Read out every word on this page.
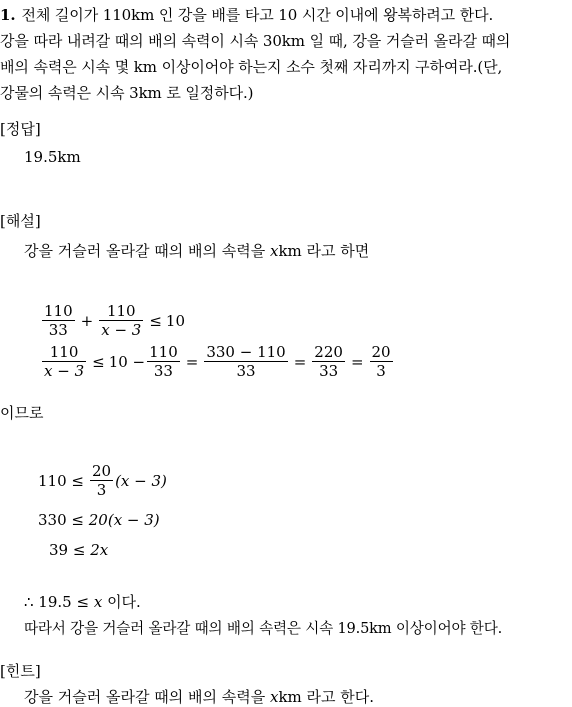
1. 전체 길이가 110km 인 강을 배를 타고 10 시간 이내에 왕복하려고 한다.
강을 따라 내려갈 때의 배의 속력이 시속 30km 일 때, 강을 거슬러 올라갈 때의
배의 속력은 시속 몇 km 이상이어야 하는지 소수 첫째 자리까지 구하여라.(단,
강물의 속력은 시속 3km 로 일정하다.)
[정답]
19.5km
[해설]
강을 거슬러 올라갈 때의 배의 속력을 xkm 라고 하면
$\frac{110}{33} + \frac{110}{x - 3} \le 10$
$\frac{110}{x - 3} \le 10 - \frac{110}{33} = \frac{330 - 110}{33} = \frac{220}{33} = \frac{20}{3}$
이므로
$110 \le \frac{20}{3} (x - 3)$
330 ≤ 20(x − 3)
39 ≤ 2x
∴ 19.5 ≤ x 이다.
따라서 강을 거슬러 올라갈 때의 배의 속력은 시속 19.5km 이상이어야 한다.
[힌트]
강을 거슬러 올라갈 때의 배의 속력을 xkm 라고 한다.
